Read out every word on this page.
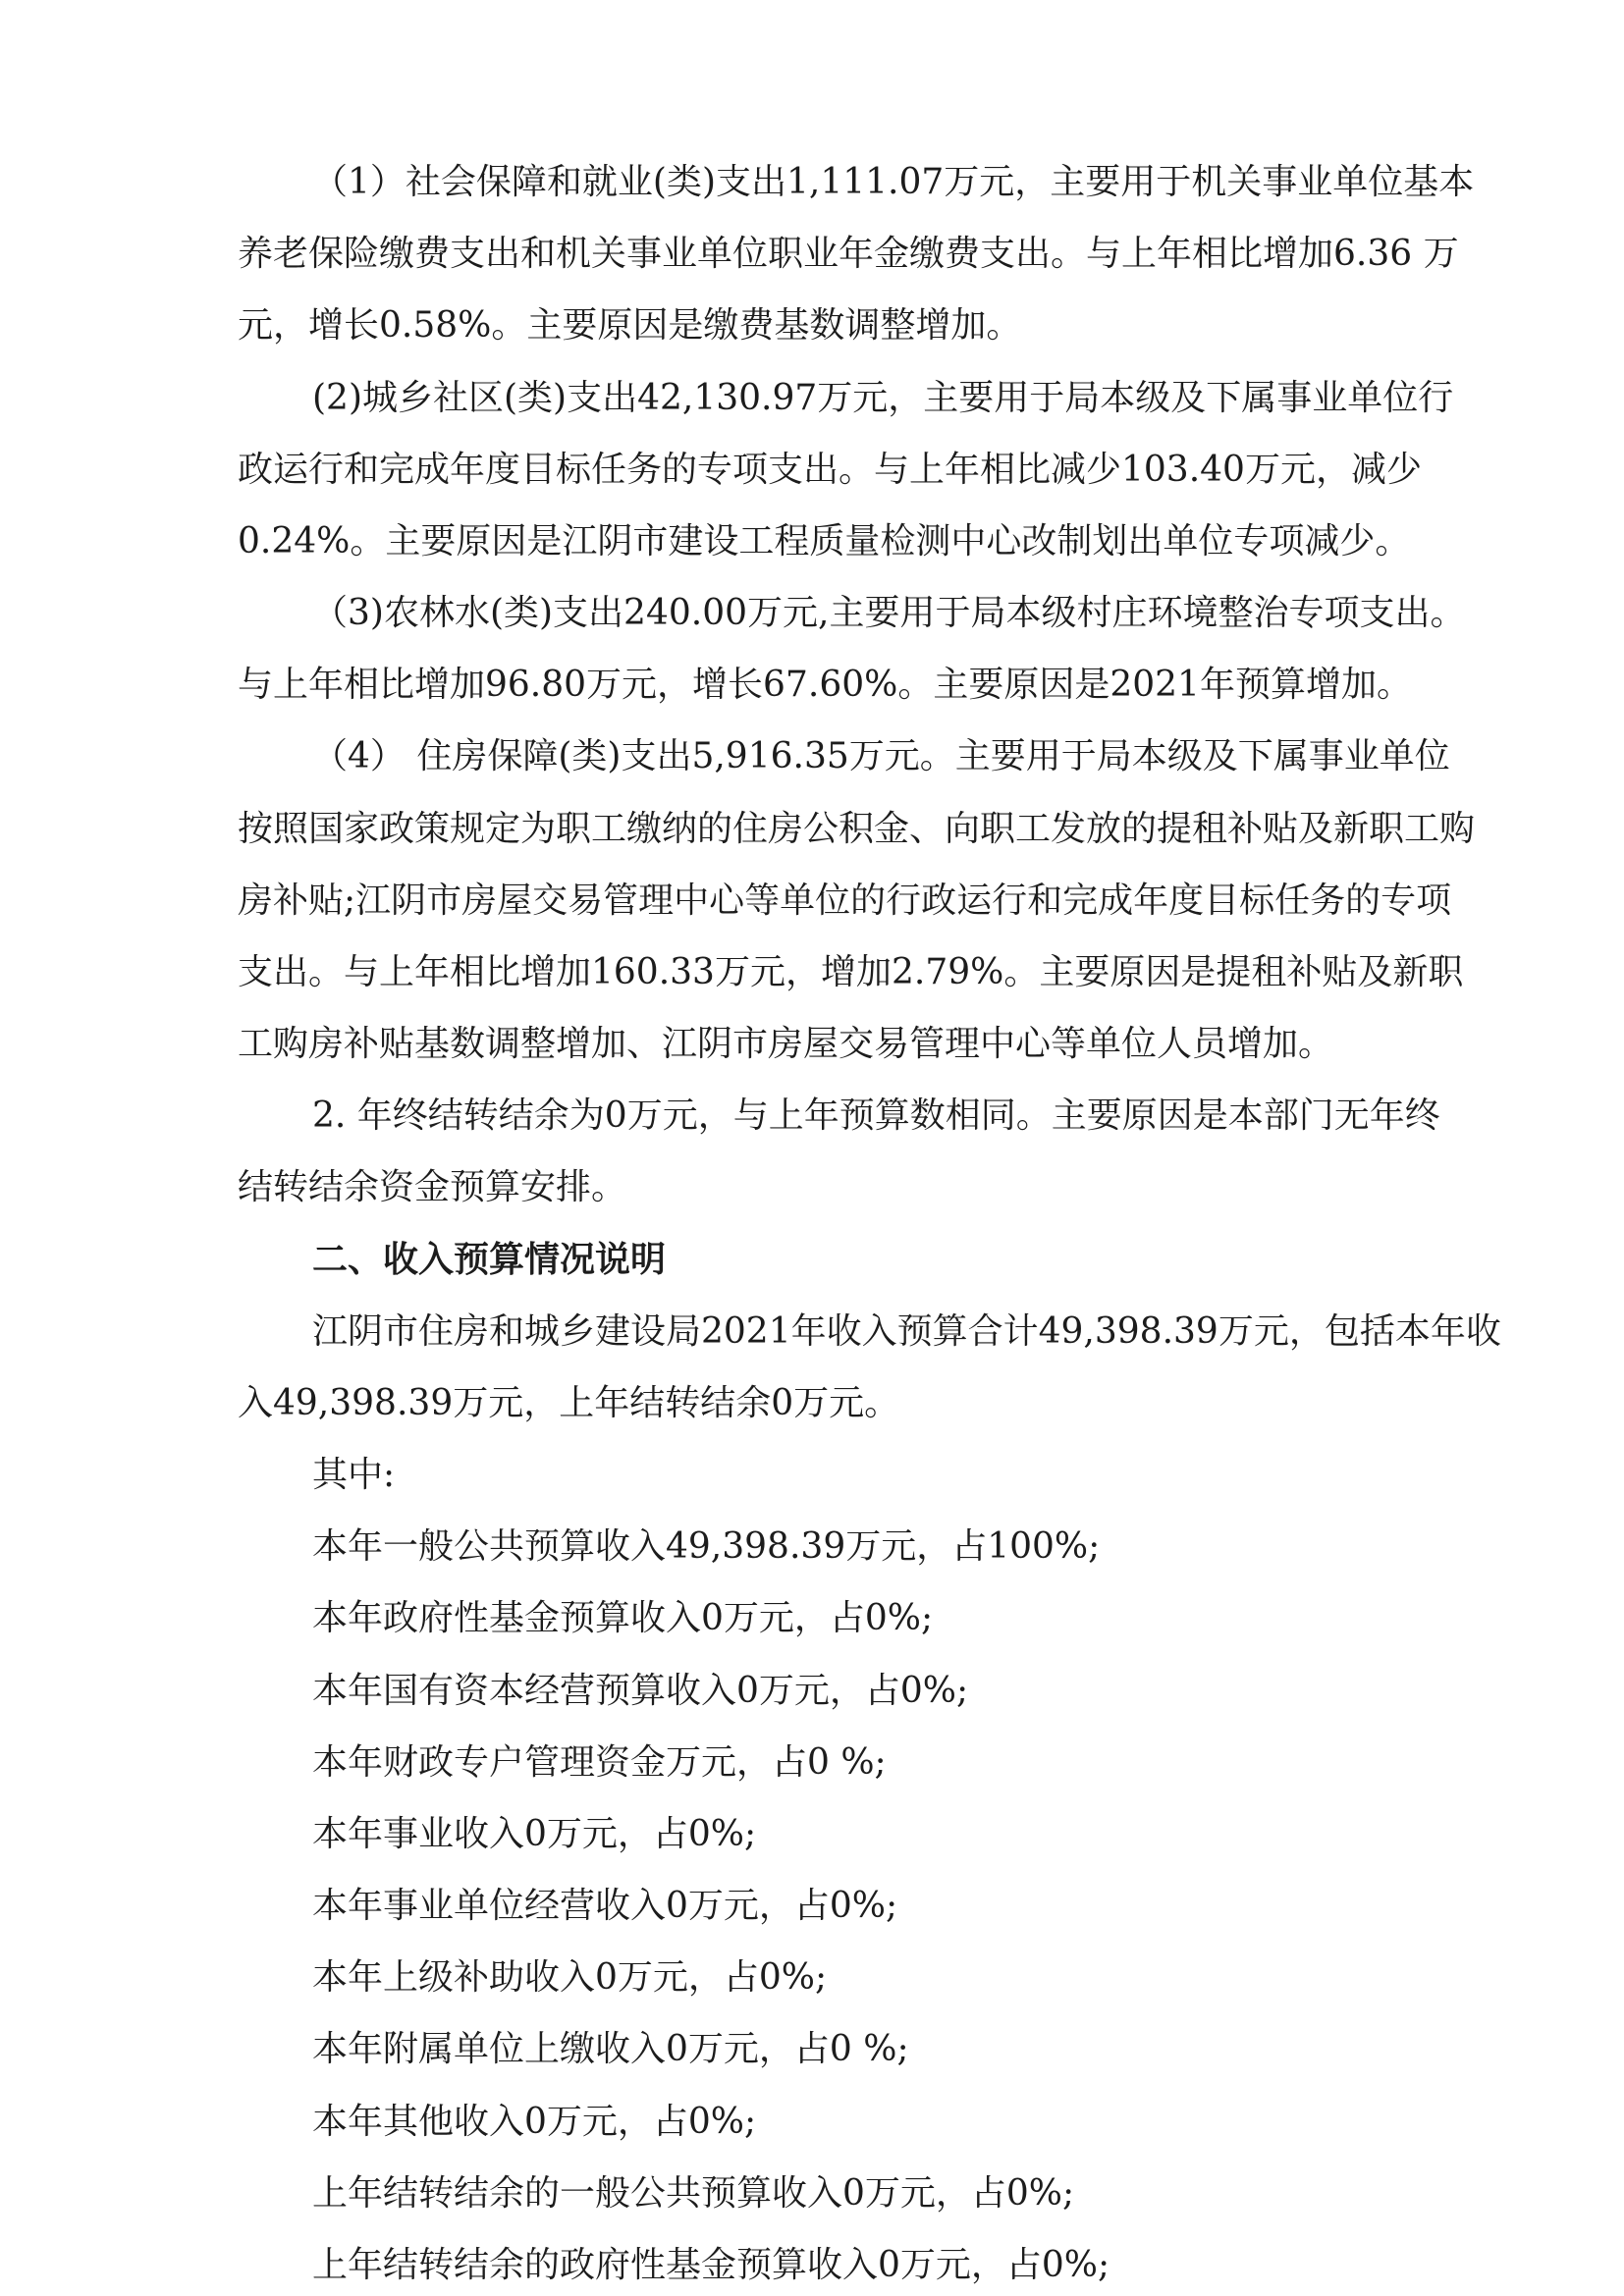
（1）社会保障和就业(类)支出1,111.07万元，主要用于机关事业单位基本
养老保险缴费支出和机关事业单位职业年金缴费支出。与上年相比增加6.36 万
元，增长0.58%。主要原因是缴费基数调整增加。
(2)城乡社区(类)支出42,130.97万元，主要用于局本级及下属事业单位行
政运行和完成年度目标任务的专项支出。与上年相比减少103.40万元，减少
0.24%。主要原因是江阴市建设工程质量检测中心改制划出单位专项减少。
（3)农林水(类)支出240.00万元,主要用于局本级村庄环境整治专项支出。
与上年相比增加96.80万元，增长67.60%。主要原因是2021年预算增加。
（4） 住房保障(类)支出5,916.35万元。主要用于局本级及下属事业单位
按照国家政策规定为职工缴纳的住房公积金、向职工发放的提租补贴及新职工购
房补贴;江阴市房屋交易管理中心等单位的行政运行和完成年度目标任务的专项
支出。与上年相比增加160.33万元，增加2.79%。主要原因是提租补贴及新职
工购房补贴基数调整增加、江阴市房屋交易管理中心等单位人员增加。
2. 年终结转结余为0万元，与上年预算数相同。主要原因是本部门无年终
结转结余资金预算安排。
二、收入预算情况说明
江阴市住房和城乡建设局2021年收入预算合计49,398.39万元，包括本年收
入49,398.39万元，上年结转结余0万元。
其中:
本年一般公共预算收入49,398.39万元，占100%;
本年政府性基金预算收入0万元，占0%;
本年国有资本经营预算收入0万元，占0%;
本年财政专户管理资金万元，占0 %;
本年事业收入0万元，占0%;
本年事业单位经营收入0万元，占0%;
本年上级补助收入0万元，占0%;
本年附属单位上缴收入0万元，占0 %;
本年其他收入0万元，占0%;
上年结转结余的一般公共预算收入0万元，占0%;
上年结转结余的政府性基金预算收入0万元，占0%;
